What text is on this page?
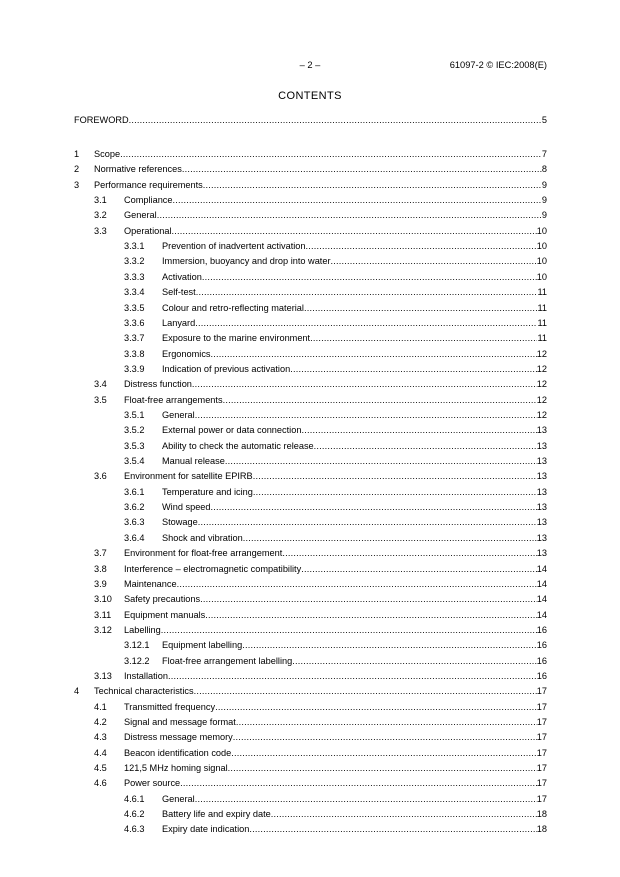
– 2 –	61097-2 © IEC:2008(E)
CONTENTS
FOREWORD .....	5
1 Scope .....	7
2 Normative references .....	8
3 Performance requirements .....	9
3.1 Compliance .....	9
3.2 General .....	9
3.3 Operational .....	10
3.3.1 Prevention of inadvertent activation .....	10
3.3.2 Immersion, buoyancy and drop into water .....	10
3.3.3 Activation .....	10
3.3.4 Self-test .....	11
3.3.5 Colour and retro-reflecting material .....	11
3.3.6 Lanyard .....	11
3.3.7 Exposure to the marine environment .....	11
3.3.8 Ergonomics .....	12
3.3.9 Indication of previous activation .....	12
3.4 Distress function .....	12
3.5 Float-free arrangements .....	12
3.5.1 General .....	12
3.5.2 External power or data connection .....	13
3.5.3 Ability to check the automatic release .....	13
3.5.4 Manual release .....	13
3.6 Environment for satellite EPIRB .....	13
3.6.1 Temperature and icing .....	13
3.6.2 Wind speed .....	13
3.6.3 Stowage .....	13
3.6.4 Shock and vibration .....	13
3.7 Environment for float-free arrangement .....	13
3.8 Interference – electromagnetic compatibility .....	14
3.9 Maintenance .....	14
3.10 Safety precautions .....	14
3.11 Equipment manuals .....	14
3.12 Labelling .....	16
3.12.1 Equipment labelling .....	16
3.12.2 Float-free arrangement labelling .....	16
3.13 Installation .....	16
4 Technical characteristics .....	17
4.1 Transmitted frequency .....	17
4.2 Signal and message format .....	17
4.3 Distress message memory .....	17
4.4 Beacon identification code .....	17
4.5 121,5 MHz homing signal .....	17
4.6 Power source .....	17
4.6.1 General .....	17
4.6.2 Battery life and expiry date .....	18
4.6.3 Expiry date indication .....	18
